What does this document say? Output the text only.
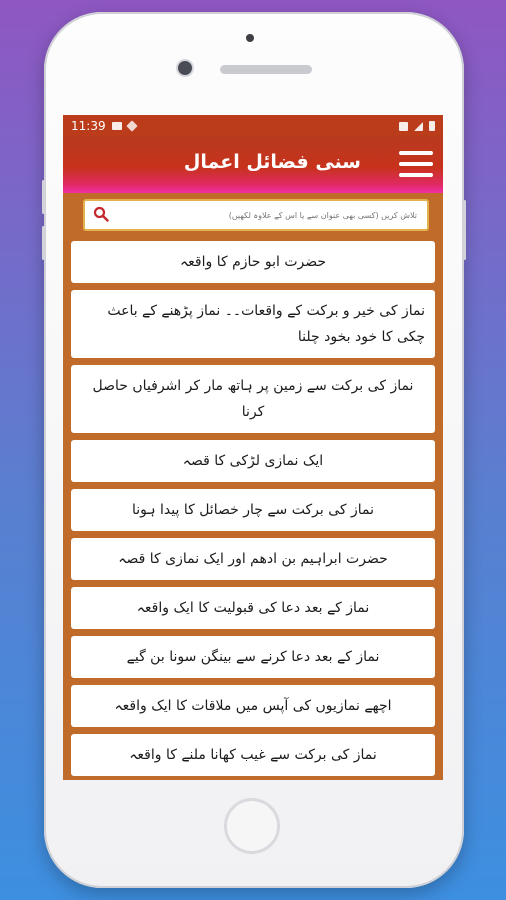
11:39
سنی فضائل اعمال
تلاش کریں (کسی بھی عنوان سے یا اس کے علاوہ لکھیں)
حضرت ابو حازم کا واقعہ
نماز کی خیر و برکت کے واقعات۔۔ نماز پڑھنے کے باعث چکی کا خود بخود چلنا
نماز کی برکت سے زمین پر ہاتھ مار کر اشرفیاں حاصل کرنا
ایک نمازی لڑکی کا قصہ
نماز کی برکت سے چار خصائل کا پیدا ہونا
حضرت ابراہیم بن ادھم اور ایک نمازی کا قصہ
نماز کے بعد دعا کی قبولیت کا ایک واقعہ
نماز کے بعد دعا کرنے سے بینگن سونا بن گیے
اچھے نمازیوں کی آپس میں ملاقات کا ایک واقعہ
نماز کی برکت سے غیب کھانا ملنے کا واقعہ
